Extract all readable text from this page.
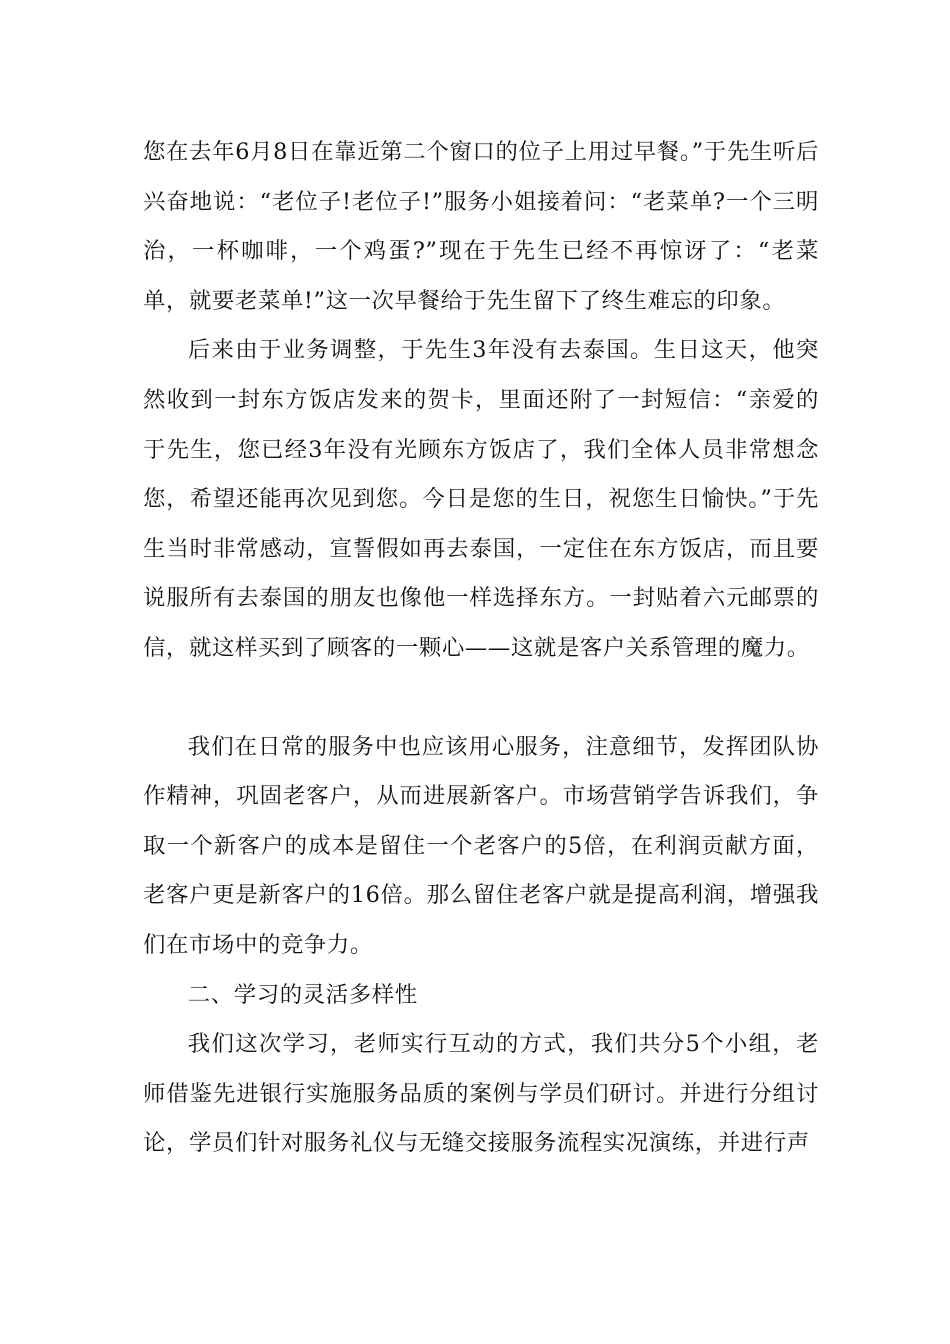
您在去年6月8日在靠近第二个窗口的位子上用过早餐。”于先生听后兴奋地说：“老位子!老位子!”服务小姐接着问：“老菜单?一个三明治，一杯咖啡，一个鸡蛋?”现在于先生已经不再惊讶了：“老菜单，就要老菜单!”这一次早餐给于先生留下了终生难忘的印象。

后来由于业务调整，于先生3年没有去泰国。生日这天，他突然收到一封东方饭店发来的贺卡，里面还附了一封短信：“亲爱的于先生，您已经3年没有光顾东方饭店了，我们全体人员非常想念您，希望还能再次见到您。今日是您的生日，祝您生日愉快。”于先生当时非常感动，宣誓假如再去泰国，一定住在东方饭店，而且要说服所有去泰国的朋友也像他一样选择东方。一封贴着六元邮票的信，就这样买到了顾客的一颗心——这就是客户关系管理的魔力。

我们在日常的服务中也应该用心服务，注意细节，发挥团队协作精神，巩固老客户，从而进展新客户。市场营销学告诉我们，争取一个新客户的成本是留住一个老客户的5倍，在利润贡献方面，老客户更是新客户的16倍。那么留住老客户就是提高利润，增强我们在市场中的竞争力。

二、学习的灵活多样性

我们这次学习，老师实行互动的方式，我们共分5个小组，老师借鉴先进银行实施服务品质的案例与学员们研讨。并进行分组讨论，学员们针对服务礼仪与无缝交接服务流程实况演练，并进行声
